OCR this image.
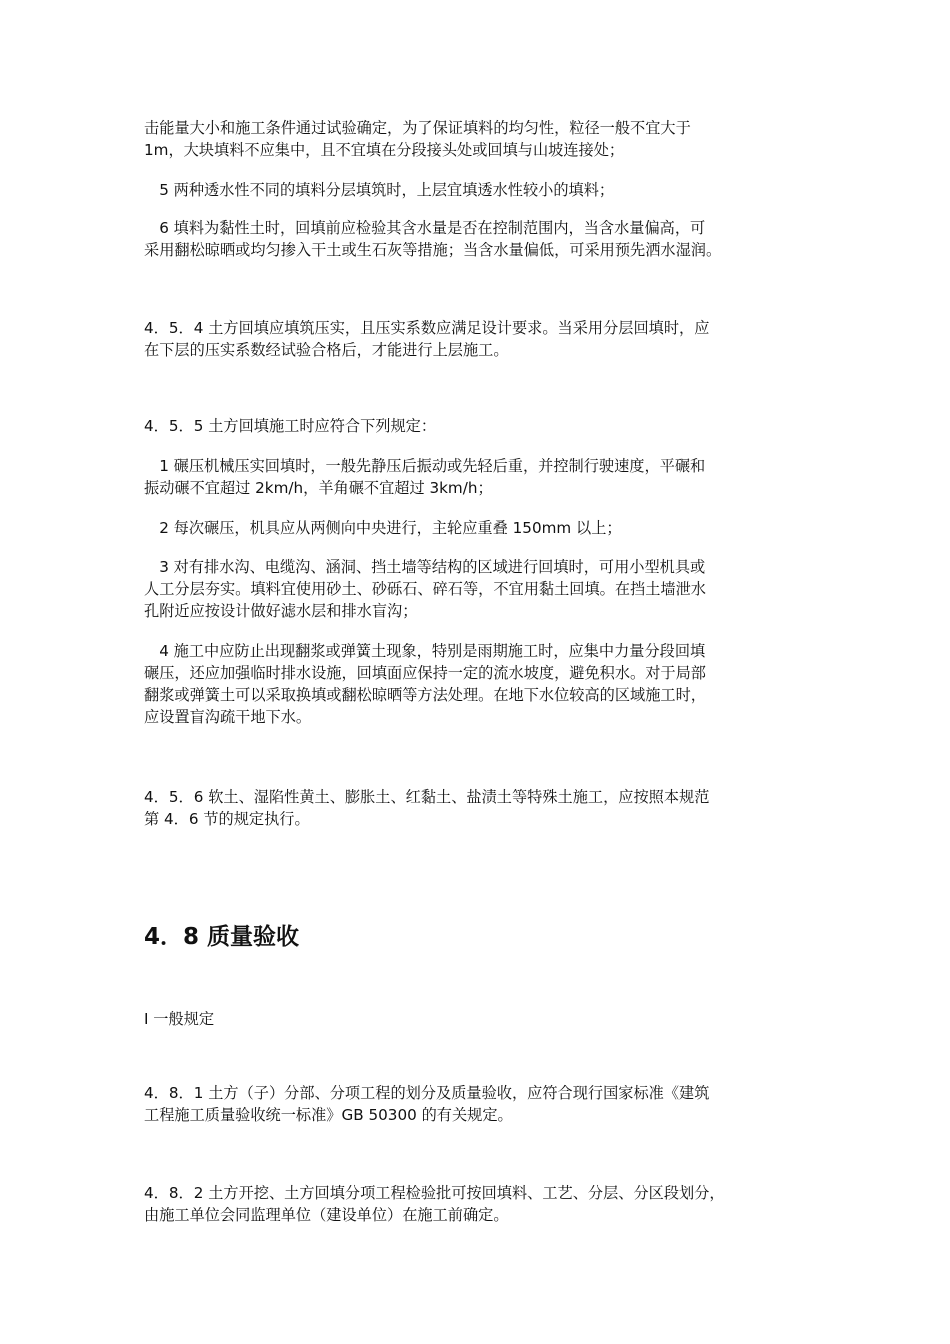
击能量大小和施工条件通过试验确定，为了保证填料的均匀性，粒径一般不宜大于
1m，大块填料不应集中，且不宜填在分段接头处或回填与山坡连接处；

　5 两种透水性不同的填料分层填筑时，上层宜填透水性较小的填料；

　6 填料为黏性土时，回填前应检验其含水量是否在控制范围内，当含水量偏高，可
采用翻松晾晒或均匀掺入干土或生石灰等措施；当含水量偏低，可采用预先洒水湿润。

4．5．4 土方回填应填筑压实，且压实系数应满足设计要求。当采用分层回填时，应
在下层的压实系数经试验合格后，才能进行上层施工。

4．5．5 土方回填施工时应符合下列规定：

　1 碾压机械压实回填时，一般先静压后振动或先轻后重，并控制行驶速度，平碾和
振动碾不宜超过 2km/h，羊角碾不宜超过 3km/h；

　2 每次碾压，机具应从两侧向中央进行，主轮应重叠 150mm 以上；

　3 对有排水沟、电缆沟、涵洞、挡土墙等结构的区域进行回填时，可用小型机具或
人工分层夯实。填料宜使用砂土、砂砾石、碎石等，不宜用黏土回填。在挡土墙泄水
孔附近应按设计做好滤水层和排水盲沟；

　4 施工中应防止出现翻浆或弹簧土现象，特别是雨期施工时，应集中力量分段回填
碾压，还应加强临时排水设施，回填面应保持一定的流水坡度，避免积水。对于局部
翻浆或弹簧土可以采取换填或翻松晾晒等方法处理。在地下水位较高的区域施工时，
应设置盲沟疏干地下水。

4．5．6 软土、湿陷性黄土、膨胀土、红黏土、盐渍土等特殊土施工，应按照本规范
第 4．6 节的规定执行。

4．8 质量验收

I 一般规定

4．8．1 土方（子）分部、分项工程的划分及质量验收，应符合现行国家标准《建筑
工程施工质量验收统一标准》GB 50300 的有关规定。

4．8．2 土方开挖、土方回填分项工程检验批可按回填料、工艺、分层、分区段划分，
由施工单位会同监理单位（建设单位）在施工前确定。
